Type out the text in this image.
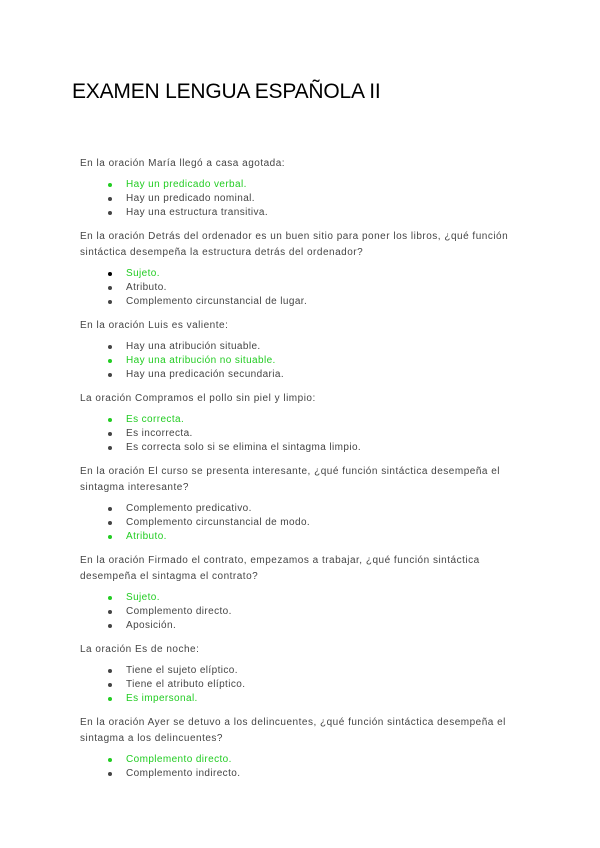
EXAMEN LENGUA ESPAÑOLA II

En la oración María llegó a casa agotada:

Hay un predicado verbal.
Hay un predicado nominal.
Hay una estructura transitiva.

En la oración Detrás del ordenador es un buen sitio para poner los libros, ¿qué función sintáctica desempeña la estructura detrás del ordenador?

Sujeto.
Atributo.
Complemento circunstancial de lugar.

En la oración Luis es valiente:

Hay una atribución situable.
Hay una atribución no situable.
Hay una predicación secundaria.

La oración Compramos el pollo sin piel y limpio:

Es correcta.
Es incorrecta.
Es correcta solo si se elimina el sintagma limpio.

En la oración El curso se presenta interesante, ¿qué función sintáctica desempeña el sintagma interesante?

Complemento predicativo.
Complemento circunstancial de modo.
Atributo.

En la oración Firmado el contrato, empezamos a trabajar, ¿qué función sintáctica desempeña el sintagma el contrato?

Sujeto.
Complemento directo.
Aposición.

La oración Es de noche:

Tiene el sujeto elíptico.
Tiene el atributo elíptico.
Es impersonal.

En la oración Ayer se detuvo a los delincuentes, ¿qué función sintáctica desempeña el sintagma a los delincuentes?

Complemento directo.
Complemento indirecto.
